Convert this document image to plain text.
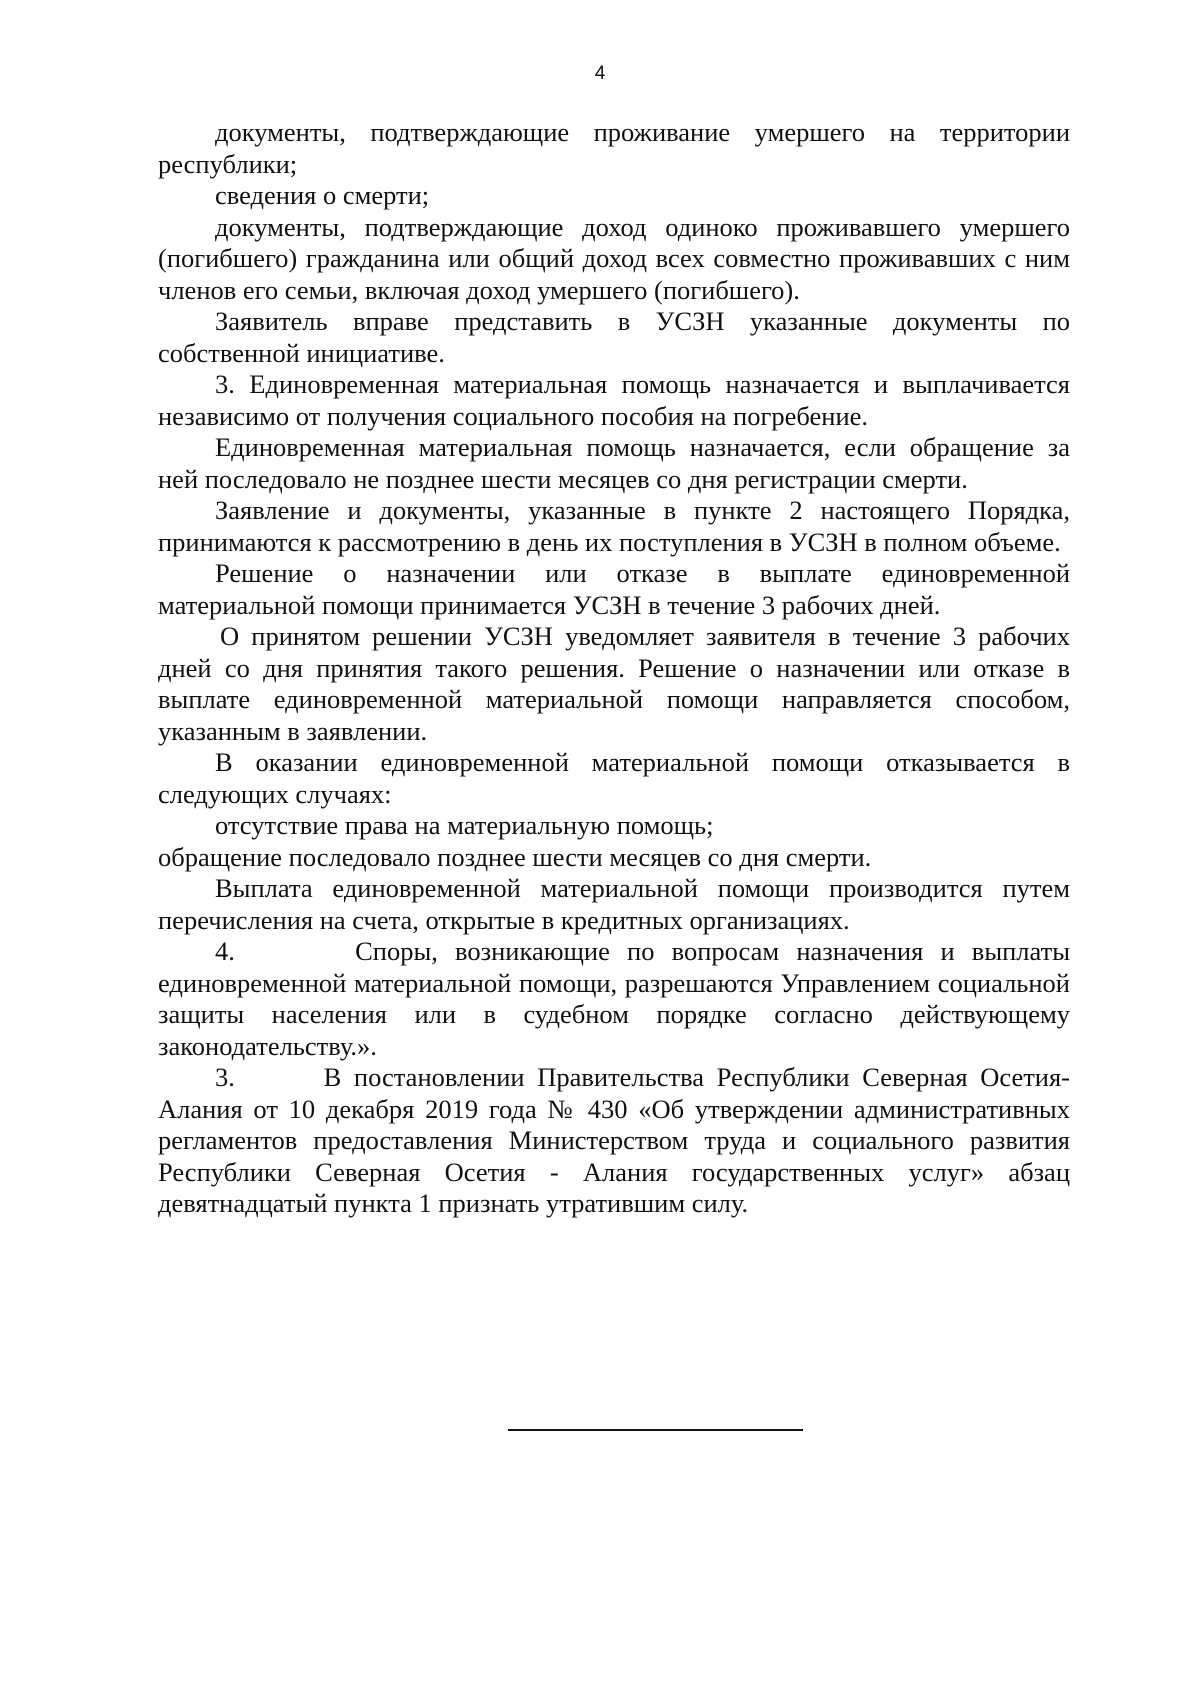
4

документы, подтверждающие проживание умершего на территории республики;

сведения о смерти;

документы, подтверждающие доход одиноко проживавшего умершего (погибшего) гражданина или общий доход всех совместно проживавших с ним членов его семьи, включая доход умершего (погибшего).

Заявитель вправе представить в УСЗН указанные документы по собственной инициативе.

3. Единовременная материальная помощь назначается и выплачивается независимо от получения социального пособия на погребение.

Единовременная материальная помощь назначается, если обращение за ней последовало не позднее шести месяцев со дня регистрации смерти.

Заявление и документы, указанные в пункте 2 настоящего Порядка, принимаются к рассмотрению в день их поступления в УСЗН в полном объеме.

Решение о назначении или отказе в выплате единовременной материальной помощи принимается УСЗН в течение 3 рабочих дней.

О принятом решении УСЗН уведомляет заявителя в течение 3 рабочих дней со дня принятия такого решения. Решение о назначении или отказе в выплате единовременной материальной помощи направляется способом, указанным в заявлении.

В оказании единовременной материальной помощи отказывается в следующих случаях:

отсутствие права на материальную помощь;

обращение последовало позднее шести месяцев со дня смерти.

Выплата единовременной материальной помощи производится путем перечисления на счета, открытые в кредитных организациях.

4.       Споры, возникающие по вопросам назначения и выплаты единовременной материальной помощи, разрешаются Управлением социальной защиты населения или в судебном порядке согласно действующему законодательству.».

3.       В постановлении Правительства Республики Северная Осетия-Алания от 10 декабря 2019 года № 430 «Об утверждении административных регламентов предоставления Министерством труда и социального развития Республики Северная Осетия - Алания государственных услуг» абзац девятнадцатый пункта 1 признать утратившим силу.
